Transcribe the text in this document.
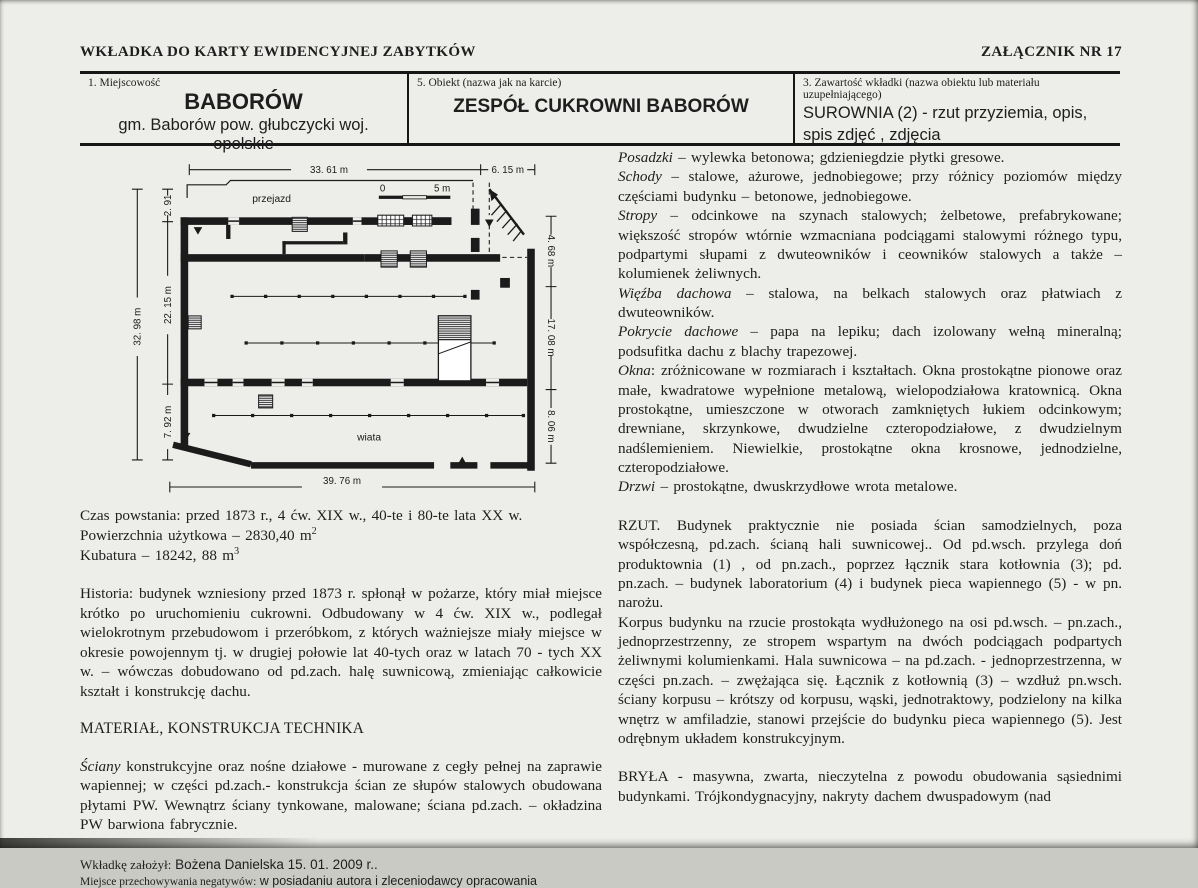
WKŁADKA DO KARTY EWIDENCYJNEJ ZABYTKÓW	ZAŁĄCZNIK NR 17
1. Miejscowość
BABORÓW
gm. Baborów pow. głubczycki woj. opolskie
5. Obiekt (nazwa jak na karcie)
ZESPÓŁ CUKROWNI BABORÓW
3. Zawartość wkładki (nazwa obiektu lub materiału uzupełniającego)
SUROWNIA (2) - rzut przyziemia, opis,
spis zdjęć , zdjęcia
33. 61 m	6. 15 m
32. 98 m
2. 91
22. 15 m
7. 92 m
4. 68 m
17. 08 m
8. 06 m
39. 76 m
0	5 m
przejazd
wiata

Czas powstania: przed 1873 r., 4 ćw. XIX w., 40-te i 80-te lata XX w.

Powierzchnia użytkowa – 2830,40 $m^2$

Kubatura – 18242, 88 $m^3$

Historia: budynek wzniesiony przed 1873 r. spłonął w pożarze, który miał miejsce krótko po uruchomieniu cukrowni. Odbudowany w 4 ćw. XIX w., podlegał wielokrotnym przebudowom i przeróbkom, z których ważniejsze miały miejsce w okresie powojennym tj. w drugiej połowie lat 40-tych oraz w latach 70 - tych XX w. – wówczas dobudowano od pd.zach. halę suwnicową, zmieniając całkowicie kształt i konstrukcję dachu.

MATERIAŁ, KONSTRUKCJA TECHNIKA

Ściany konstrukcyjne oraz nośne działowe - murowane z cegły pełnej na zaprawie wapiennej; w części pd.zach.- konstrukcja ścian ze słupów stalowych obudowana płytami PW. Wewnątrz ściany tynkowane, malowane; ściana pd.zach. – okładzina PW barwiona fabrycznie.

Wkładkę założył: Bożena Danielska 15. 01. 2009 r..

Miejsce przechowywania negatywów: w posiadaniu autora i zleceniodawcy opracowania

Posadzki – wylewka betonowa; gdzieniegdzie płytki gresowe.

Schody – stalowe, ażurowe, jednobiegowe; przy różnicy poziomów między częściami budynku – betonowe, jednobiegowe.

Stropy – odcinkowe na szynach stalowych; żelbetowe, prefabrykowane; większość stropów wtórnie wzmacniana podciągami stalowymi różnego typu, podpartymi słupami z dwuteowników i ceowników stalowych a także – kolumienek żeliwnych.

Więźba dachowa – stalowa, na belkach stalowych oraz płatwiach z dwuteowników.

Pokrycie dachowe – papa na lepiku; dach izolowany wełną mineralną; podsufitka dachu z blachy trapezowej.

Okna: zróżnicowane w rozmiarach i kształtach. Okna prostokątne pionowe oraz małe, kwadratowe wypełnione metalową, wielopodziałowa kratownicą. Okna prostokątne, umieszczone w otworach zamkniętych łukiem odcinkowym; drewniane, skrzynkowe, dwudzielne czteropodziałowe, z dwudzielnym nadślemieniem. Niewielkie, prostokątne okna krosnowe, jednodzielne, czteropodziałowe.

Drzwi – prostokątne, dwuskrzydłowe wrota metalowe.

RZUT. Budynek praktycznie nie posiada ścian samodzielnych, poza współczesną, pd.zach. ścianą hali suwnicowej.. Od pd.wsch. przylega doń produktownia (1) , od pn.zach., poprzez łącznik stara kotłownia (3); pd. pn.zach. – budynek laboratorium (4) i budynek pieca wapiennego (5) - w pn. narożu.

Korpus budynku na rzucie prostokąta wydłużonego na osi pd.wsch. – pn.zach., jednoprzestrzenny, ze stropem wspartym na dwóch podciągach podpartych żeliwnymi kolumienkami. Hala suwnicowa – na pd.zach. - jednoprzestrzenna, w części pn.zach. – zwężająca się. Łącznik z kotłownią (3) – wzdłuż pn.wsch. ściany korpusu – krótszy od korpusu, wąski, jednotraktowy, podzielony na kilka wnętrz w amfiladzie, stanowi przejście do budynku pieca wapiennego (5). Jest odrębnym układem konstrukcyjnym.

BRYŁA - masywna, zwarta, nieczytelna z powodu obudowania sąsiednimi budynkami. Trójkondygnacyjny, nakryty dachem dwuspadowym (nad
